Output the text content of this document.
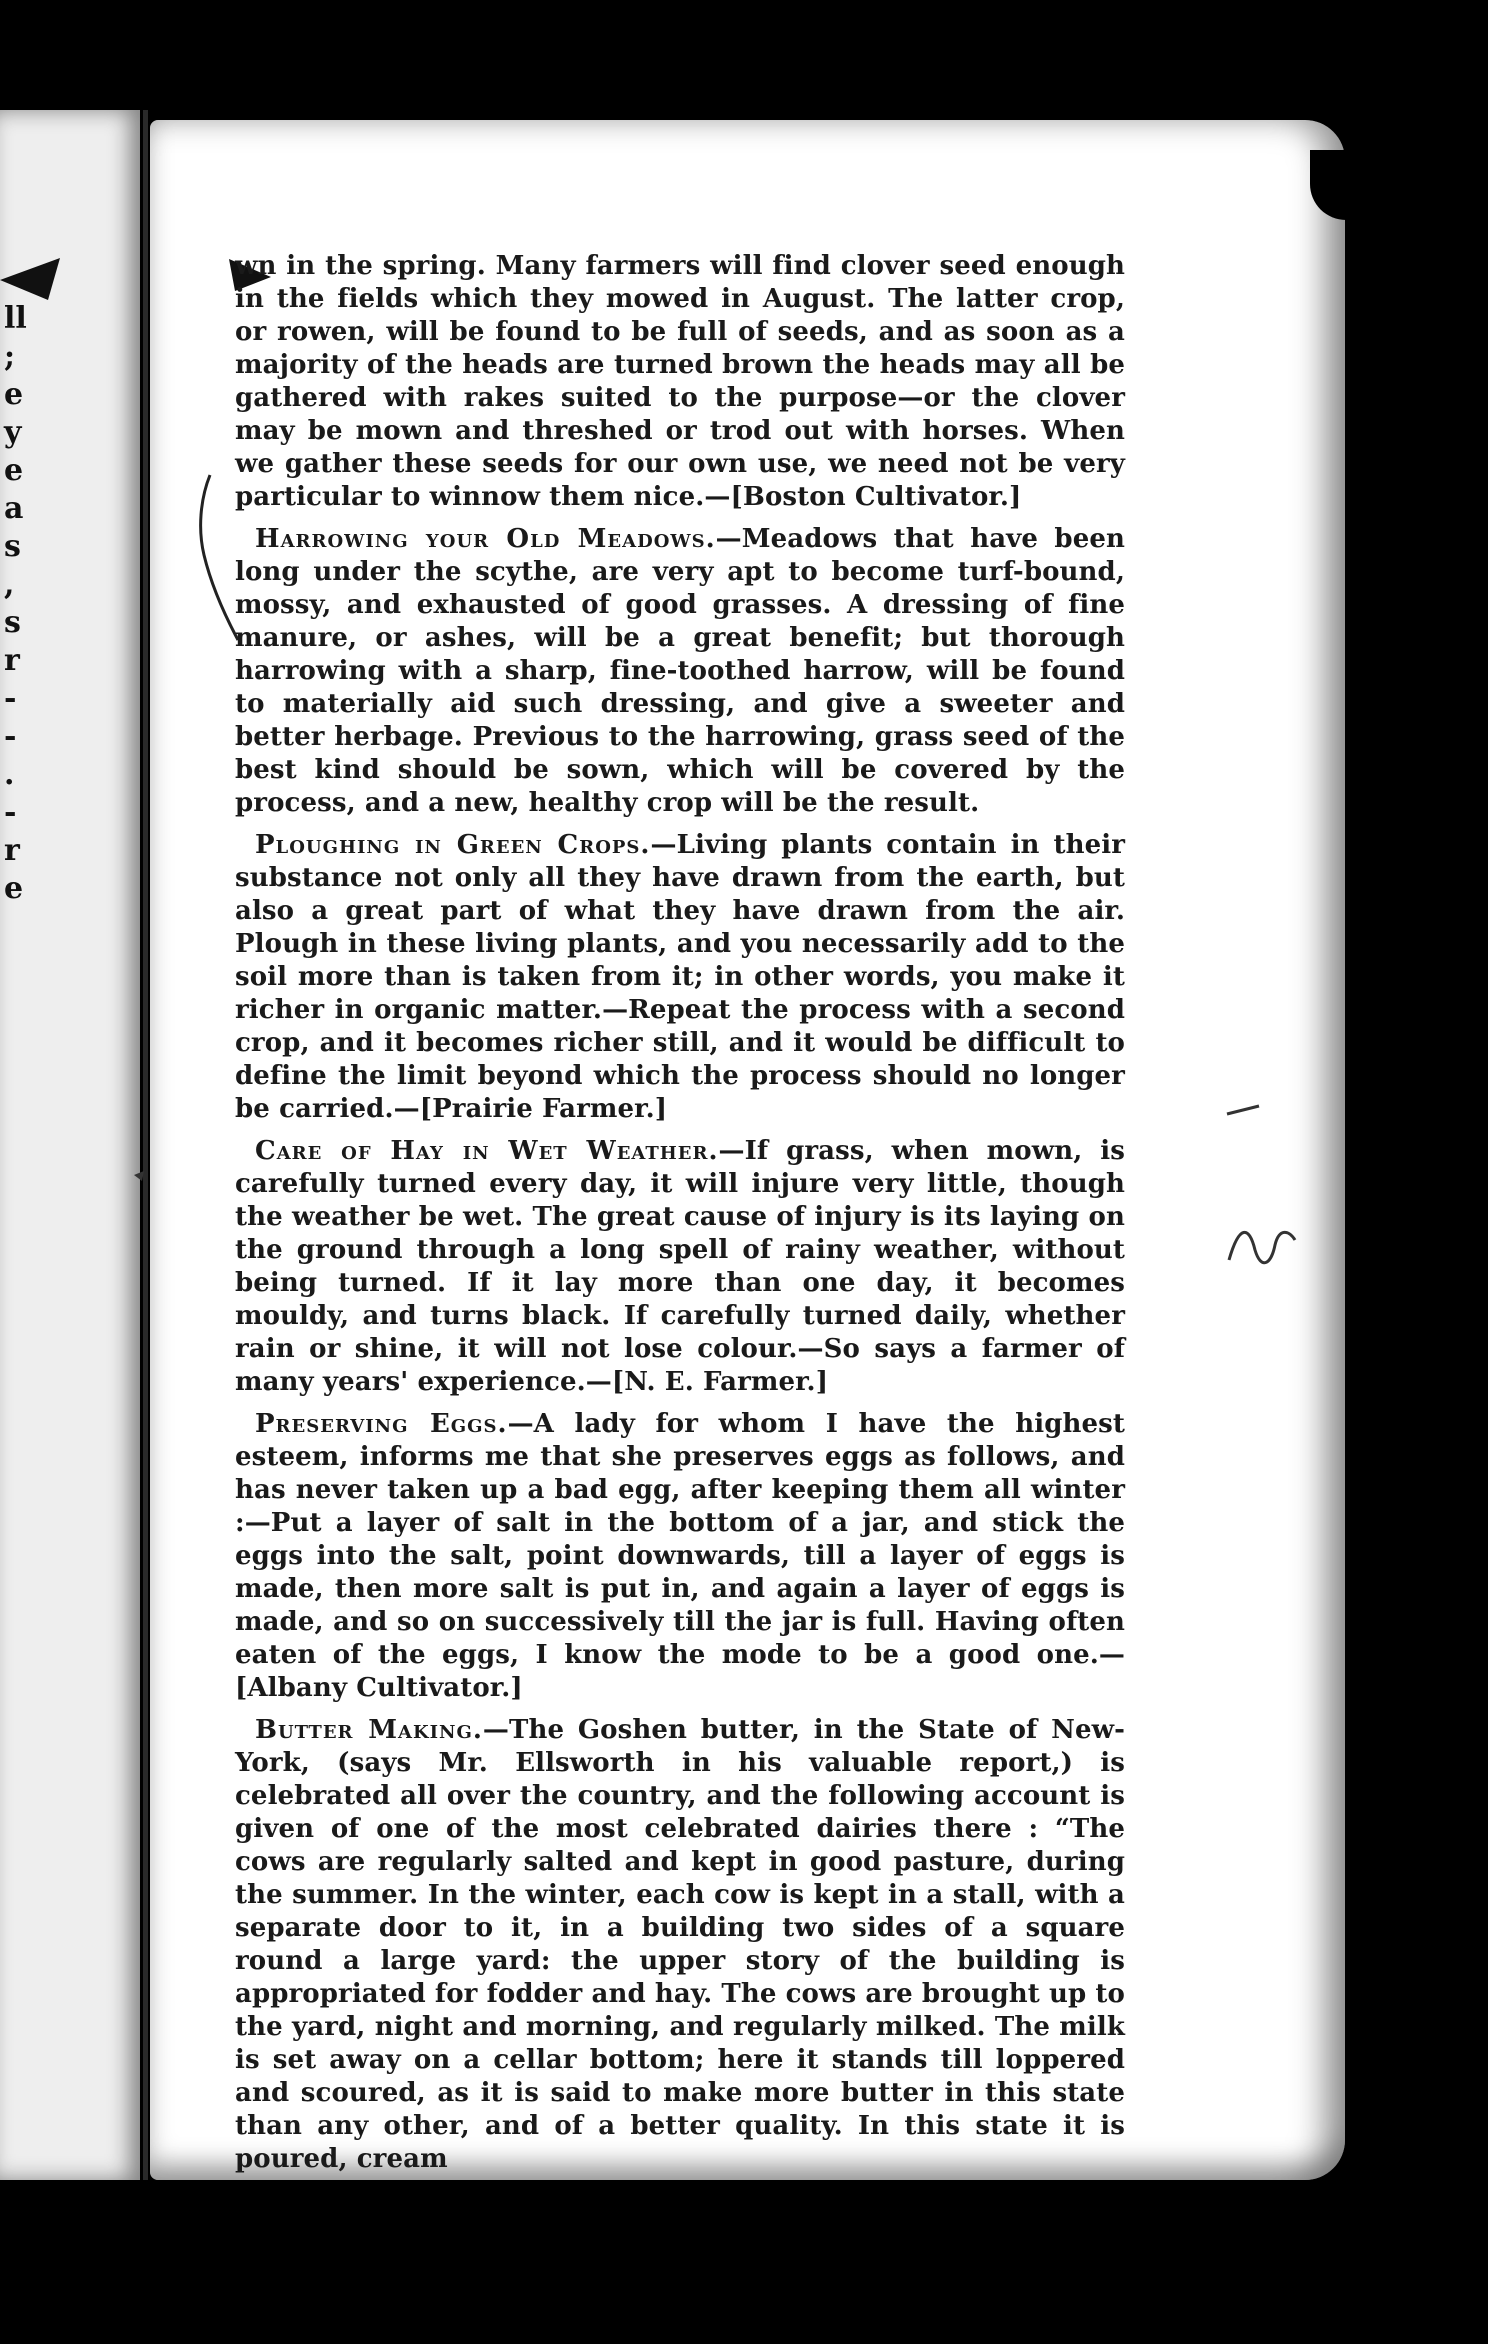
ll
;
e
y
e
a
s
,
s
r
-
-
.
-
r
e

wn in the spring. Many farmers will find clover seed enough in the fields which they mowed in August. The latter crop, or rowen, will be found to be full of seeds, and as soon as a majority of the heads are turned brown the heads may all be gathered with rakes suited to the purpose—or the clover may be mown and threshed or trod out with horses. When we gather these seeds for our own use, we need not be very particular to winnow them nice.—[Boston Cultivator.]

Harrowing your Old Meadows.—Meadows that have been long under the scythe, are very apt to become turf-bound, mossy, and exhausted of good grasses. A dressing of fine manure, or ashes, will be a great benefit; but thorough harrowing with a sharp, fine-toothed harrow, will be found to materially aid such dressing, and give a sweeter and better herbage. Previous to the harrowing, grass seed of the best kind should be sown, which will be covered by the process, and a new, healthy crop will be the result.

Ploughing in Green Crops.—Living plants contain in their substance not only all they have drawn from the earth, but also a great part of what they have drawn from the air. Plough in these living plants, and you necessarily add to the soil more than is taken from it; in other words, you make it richer in organic matter.—Repeat the process with a second crop, and it becomes richer still, and it would be difficult to define the limit beyond which the process should no longer be carried.—[Prairie Farmer.]

Care of Hay in Wet Weather.—If grass, when mown, is carefully turned every day, it will injure very little, though the weather be wet. The great cause of injury is its laying on the ground through a long spell of rainy weather, without being turned. If it lay more than one day, it becomes mouldy, and turns black. If carefully turned daily, whether rain or shine, it will not lose colour.—So says a farmer of many years' experience.—[N. E. Farmer.]

Preserving Eggs.—A lady for whom I have the highest esteem, informs me that she preserves eggs as follows, and has never taken up a bad egg, after keeping them all winter :—Put a layer of salt in the bottom of a jar, and stick the eggs into the salt, point downwards, till a layer of eggs is made, then more salt is put in, and again a layer of eggs is made, and so on successively till the jar is full. Having often eaten of the eggs, I know the mode to be a good one.—[Albany Cultivator.]

Butter Making.—The Goshen butter, in the State of New-York, (says Mr. Ellsworth in his valuable report,) is celebrated all over the country, and the following account is given of one of the most celebrated dairies there : “The cows are regularly salted and kept in good pasture, during the summer. In the winter, each cow is kept in a stall, with a separate door to it, in a building two sides of a square round a large yard: the upper story of the building is appropriated for fodder and hay. The cows are brought up to the yard, night and morning, and regularly milked. The milk is set away on a cellar bottom; here it stands till loppered and scoured, as it is said to make more butter in this state than any other, and of a better quality. In this state it is poured, cream
